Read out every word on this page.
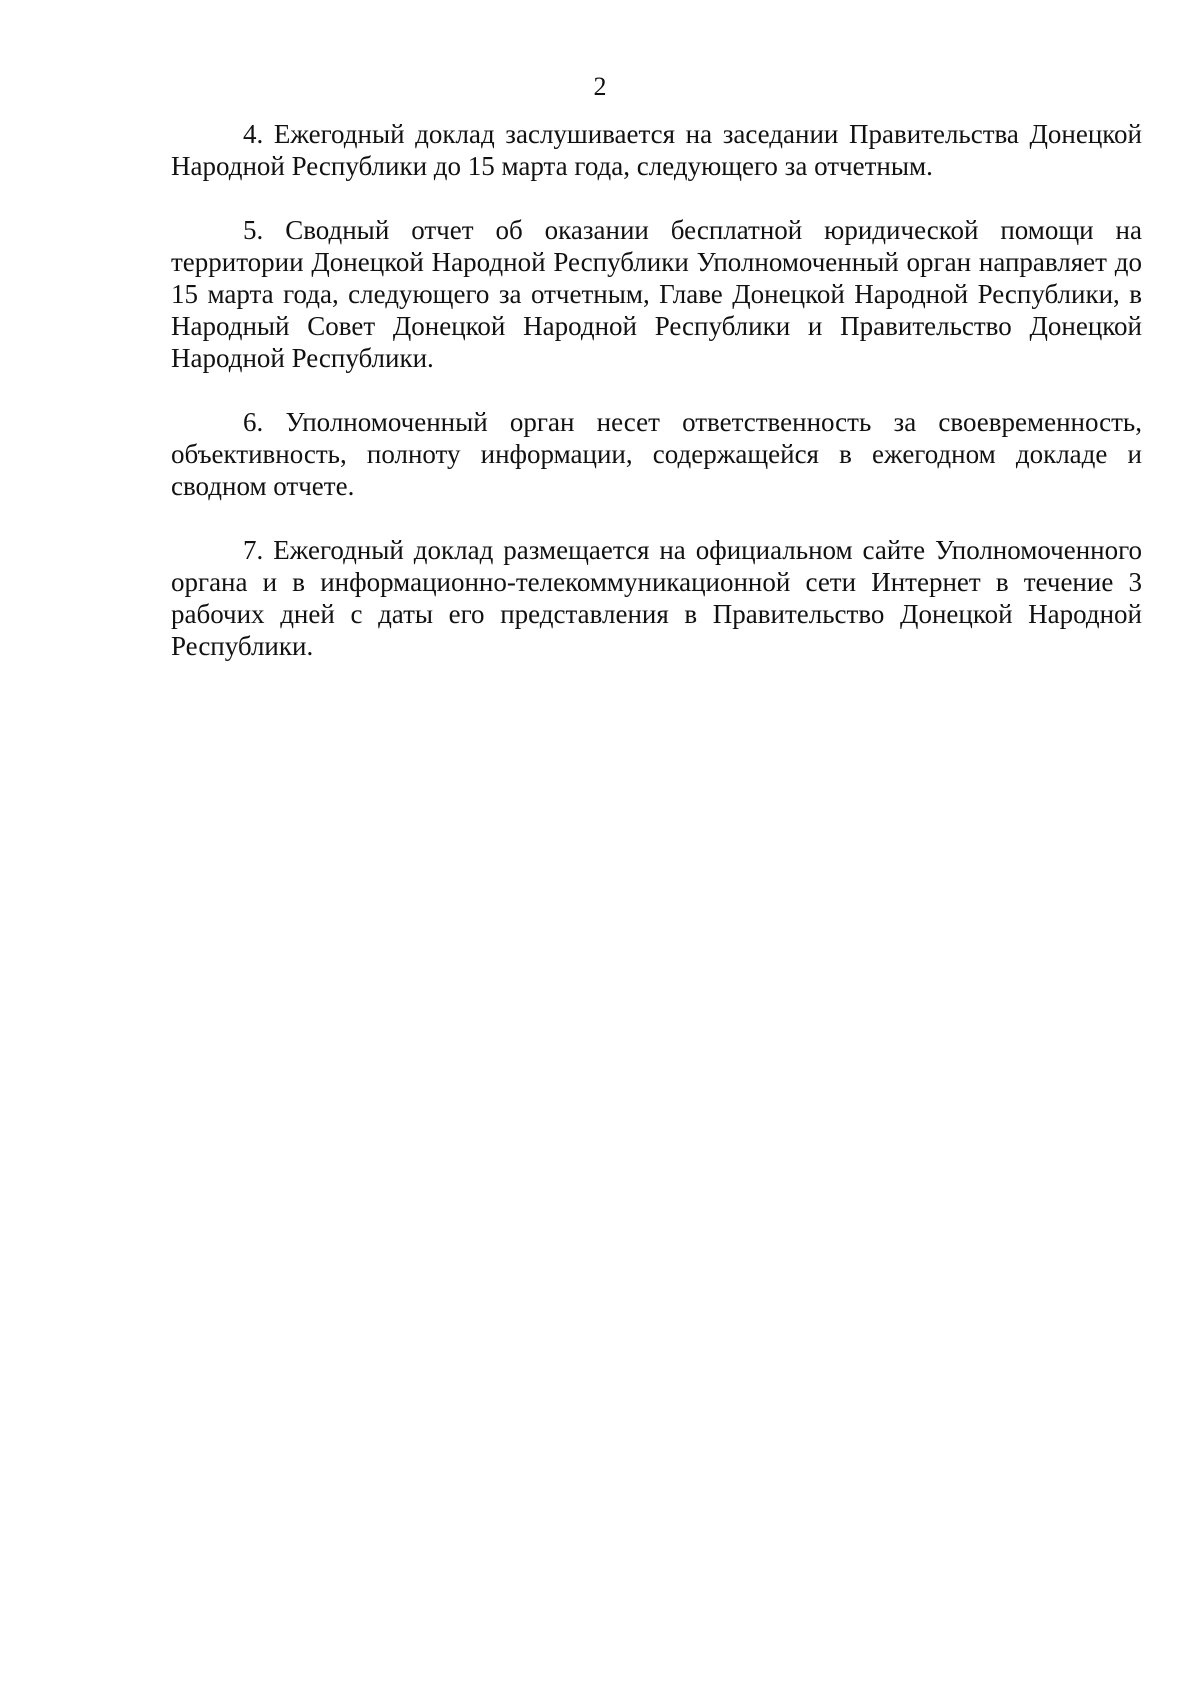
2

4. Ежегодный доклад заслушивается на заседании Правительства Донецкой Народной Республики до 15 марта года, следующего за отчетным.

5. Сводный отчет об оказании бесплатной юридической помощи на территории Донецкой Народной Республики Уполномоченный орган направляет до 15 марта года, следующего за отчетным, Главе Донецкой Народной Республики, в Народный Совет Донецкой Народной Республики и Правительство Донецкой Народной Республики.

6. Уполномоченный орган несет ответственность за своевременность, объективность, полноту информации, содержащейся в ежегодном докладе и сводном отчете.

7. Ежегодный доклад размещается на официальном сайте Уполномоченного органа и в информационно-телекоммуникационной сети Интернет в течение 3 рабочих дней с даты его представления в Правительство Донецкой Народной Республики.
